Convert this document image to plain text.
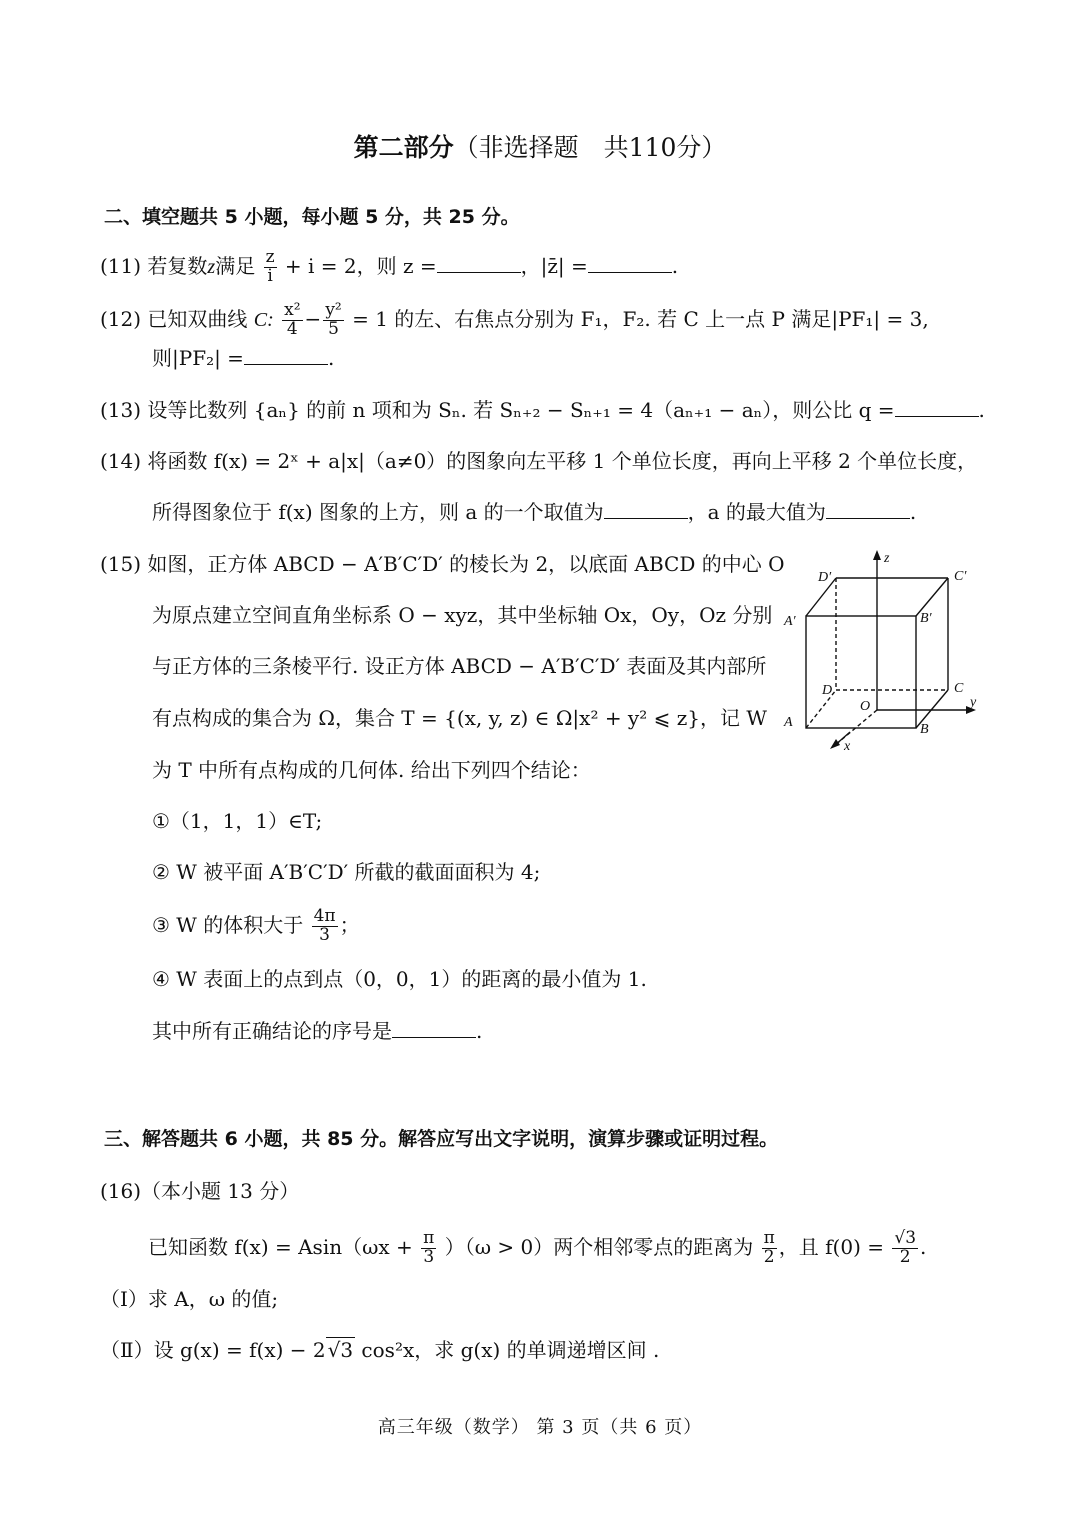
第二部分（非选择题　共110分）
二、填空题共 5 小题，每小题 5 分，共 25 分。
(11) 若复数z满足 $\frac{z}{i} + i = 2$，则 z =	，|z̄| =	.
(12) 已知双曲线 C: $\frac{\text{x²}}{4} - \frac{\text{y²}}{5} = 1$ 的左、右焦点分别为 F₁，F₂. 若 C 上一点 P 满足|PF₁| = 3,
则|PF₂| =	.
(13) 设等比数列 {aₙ} 的前 n 项和为 Sₙ. 若 Sₙ₊₂ − Sₙ₊₁ = 4（aₙ₊₁ − aₙ），则公比 q =	.
(14) 将函数 f(x) = 2ˣ + a|x|（a≠0）的图象向左平移 1 个单位长度，再向上平移 2 个单位长度，
所得图象位于 f(x) 图象的上方，则 a 的一个取值为	，a 的最大值为	.
(15) 如图，正方体 ABCD − A′B′C′D′ 的棱长为 2，以底面 ABCD 的中心 O
为原点建立空间直角坐标系 O − xyz，其中坐标轴 Ox，Oy，Oz 分别
与正方体的三条棱平行. 设正方体 ABCD − A′B′C′D′ 表面及其内部所
有点构成的集合为 Ω，集合 T = {(x, y, z) ∈ Ω|x² + y² ⩽ z}，记 W
为 T 中所有点构成的几何体. 给出下列四个结论：
①（1，1，1）∈T;
② W 被平面 A′B′C′D′ 所截的截面面积为 4;
③ W 的体积大于 $\frac{4\pi}{3}$ ；
④ W 表面上的点到点（0，0，1）的距离的最小值为 1.
其中所有正确结论的序号是	.
z
C′
D′
A′	B′
D	C
O	y
A	B
x
三、解答题共 6 小题，共 85 分。解答应写出文字说明，演算步骤或证明过程。
(16)（本小题 13 分）
已知函数 $f(x) = Asin(\omega x + \frac{\pi}{3} )(\omega > 0)$两个相邻零点的距离为 $\frac{\pi}{2}$ ，且 $f(0) = \frac{√3}{2}$ .
（Ⅰ）求 A，ω 的值;
（Ⅱ）设 g(x) = f(x) − 2 √3 cos²x，求 g(x) 的单调递增区间 .
高三年级（数学） 第 3 页（共 6 页）
